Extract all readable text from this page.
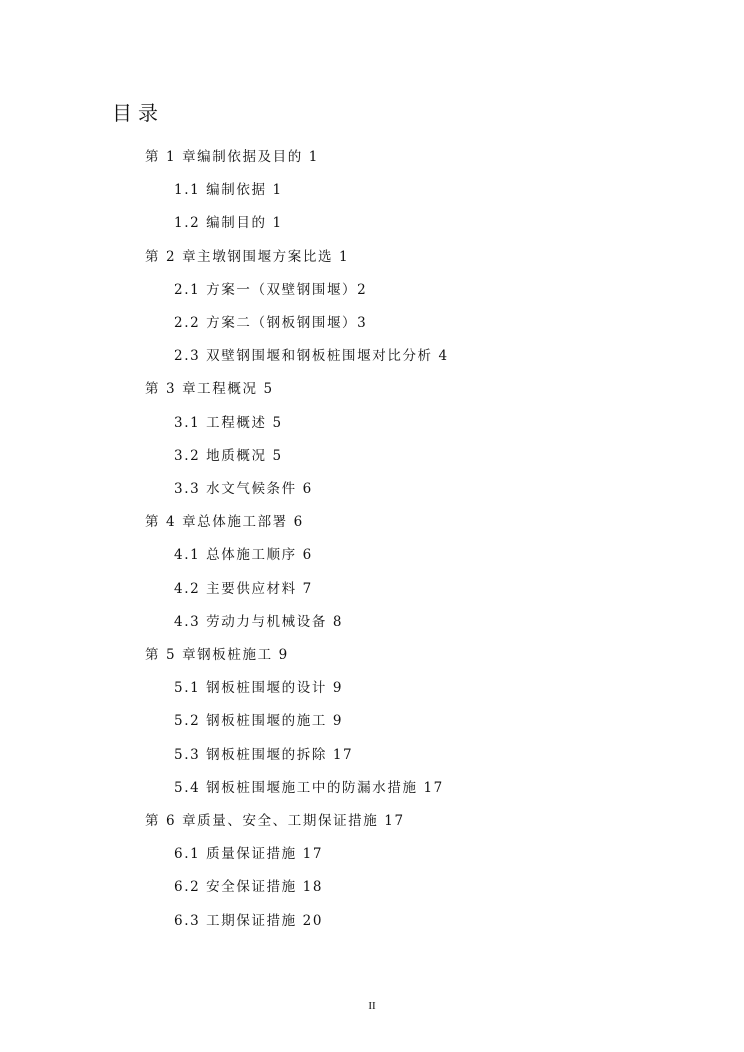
目录
第 1 章编制依据及目的 1
1.1 编制依据 1
1.2 编制目的 1
第 2 章主墩钢围堰方案比选 1
2.1 方案一（双壁钢围堰）2
2.2 方案二（钢板钢围堰）3
2.3 双壁钢围堰和钢板桩围堰对比分析 4
第 3 章工程概况 5
3.1 工程概述 5
3.2 地质概况 5
3.3 水文气候条件 6
第 4 章总体施工部署 6
4.1 总体施工顺序 6
4.2 主要供应材料 7
4.3 劳动力与机械设备 8
第 5 章钢板桩施工 9
5.1 钢板桩围堰的设计 9
5.2 钢板桩围堰的施工 9
5.3 钢板桩围堰的拆除 17
5.4 钢板桩围堰施工中的防漏水措施 17
第 6 章质量、安全、工期保证措施 17
6.1 质量保证措施 17
6.2 安全保证措施 18
6.3 工期保证措施 20
II
